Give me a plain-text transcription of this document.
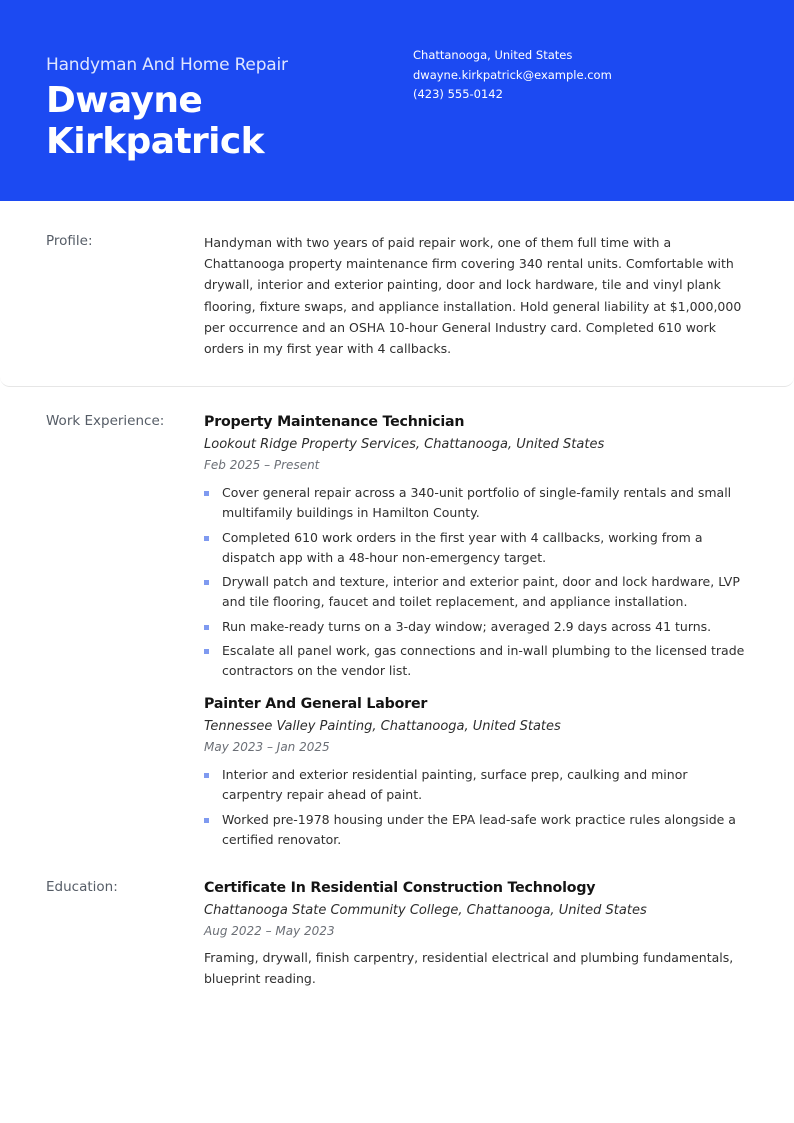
Handyman And Home Repair
Dwayne
Kirkpatrick
Chattanooga, United States
dwayne.kirkpatrick@example.com
(423) 555-0142
Profile:	Handyman with two years of paid repair work, one of them full time with a Chattanooga property maintenance firm covering 340 rental units. Comfortable with drywall, interior and exterior painting, door and lock hardware, tile and vinyl plank flooring, fixture swaps, and appliance installation. Hold general liability at $1,000,000 per occurrence and an OSHA 10-hour General Industry card. Completed 610 work orders in my first year with 4 callbacks.
Work Experience:	Property Maintenance Technician
Lookout Ridge Property Services, Chattanooga, United States
Feb 2025 – Present
Cover general repair across a 340-unit portfolio of single-family rentals and small multifamily buildings in Hamilton County.
Completed 610 work orders in the first year with 4 callbacks, working from a dispatch app with a 48-hour non-emergency target.
Drywall patch and texture, interior and exterior paint, door and lock hardware, LVP and tile flooring, faucet and toilet replacement, and appliance installation.
Run make-ready turns on a 3-day window; averaged 2.9 days across 41 turns.
Escalate all panel work, gas connections and in-wall plumbing to the licensed trade contractors on the vendor list.
Painter And General Laborer
Tennessee Valley Painting, Chattanooga, United States
May 2023 – Jan 2025
Interior and exterior residential painting, surface prep, caulking and minor carpentry repair ahead of paint.
Worked pre-1978 housing under the EPA lead-safe work practice rules alongside a certified renovator.
Education:	Certificate In Residential Construction Technology
Chattanooga State Community College, Chattanooga, United States
Aug 2022 – May 2023
Framing, drywall, finish carpentry, residential electrical and plumbing fundamentals, blueprint reading.
